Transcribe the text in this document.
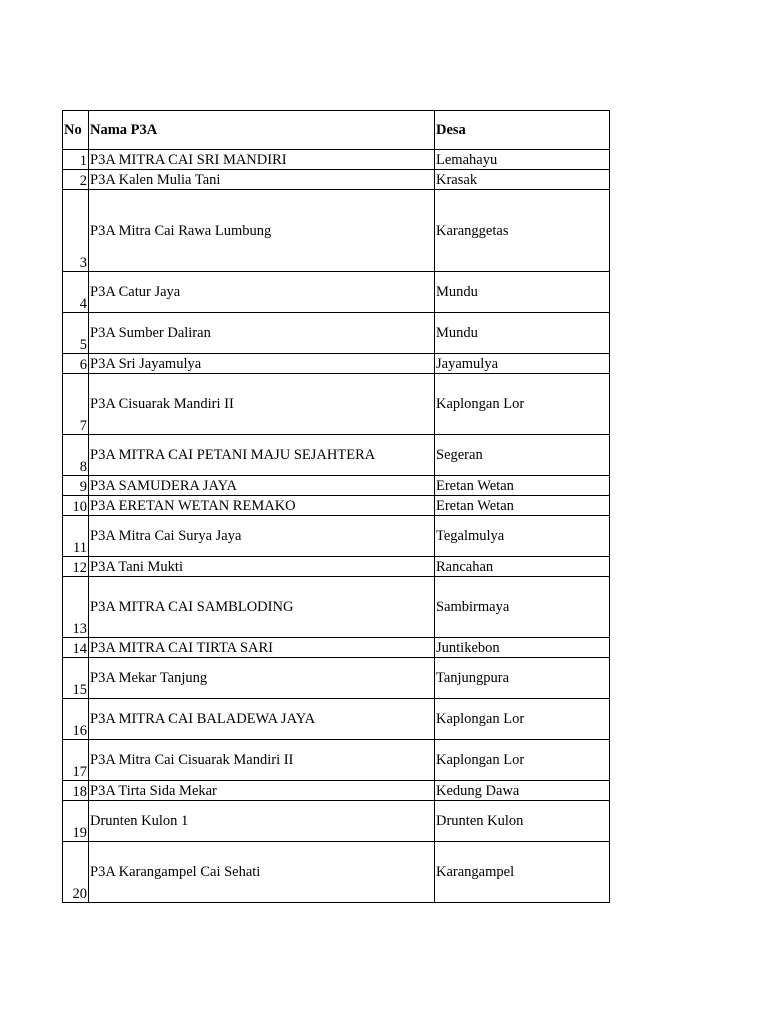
No	Nama P3A	Desa
1	P3A MITRA CAI SRI MANDIRI	Lemahayu
2	P3A Kalen Mulia Tani	Krasak
3	P3A Mitra Cai Rawa Lumbung	Karanggetas
4	P3A Catur Jaya	Mundu
5	P3A Sumber Daliran	Mundu
6	P3A Sri Jayamulya	Jayamulya
7	P3A Cisuarak Mandiri II	Kaplongan Lor
8	P3A MITRA CAI PETANI MAJU SEJAHTERA	Segeran
9	P3A SAMUDERA JAYA	Eretan Wetan
10	P3A ERETAN WETAN REMAKO	Eretan Wetan
11	P3A Mitra Cai Surya Jaya	Tegalmulya
12	P3A Tani Mukti	Rancahan
13	P3A MITRA CAI SAMBLODING	Sambirmaya
14	P3A MITRA CAI TIRTA SARI	Juntikebon
15	P3A Mekar Tanjung	Tanjungpura
16	P3A MITRA CAI BALADEWA JAYA	Kaplongan Lor
17	P3A Mitra Cai Cisuarak Mandiri II	Kaplongan Lor
18	P3A Tirta Sida Mekar	Kedung Dawa
19	Drunten Kulon 1	Drunten Kulon
20	P3A Karangampel Cai Sehati	Karangampel
